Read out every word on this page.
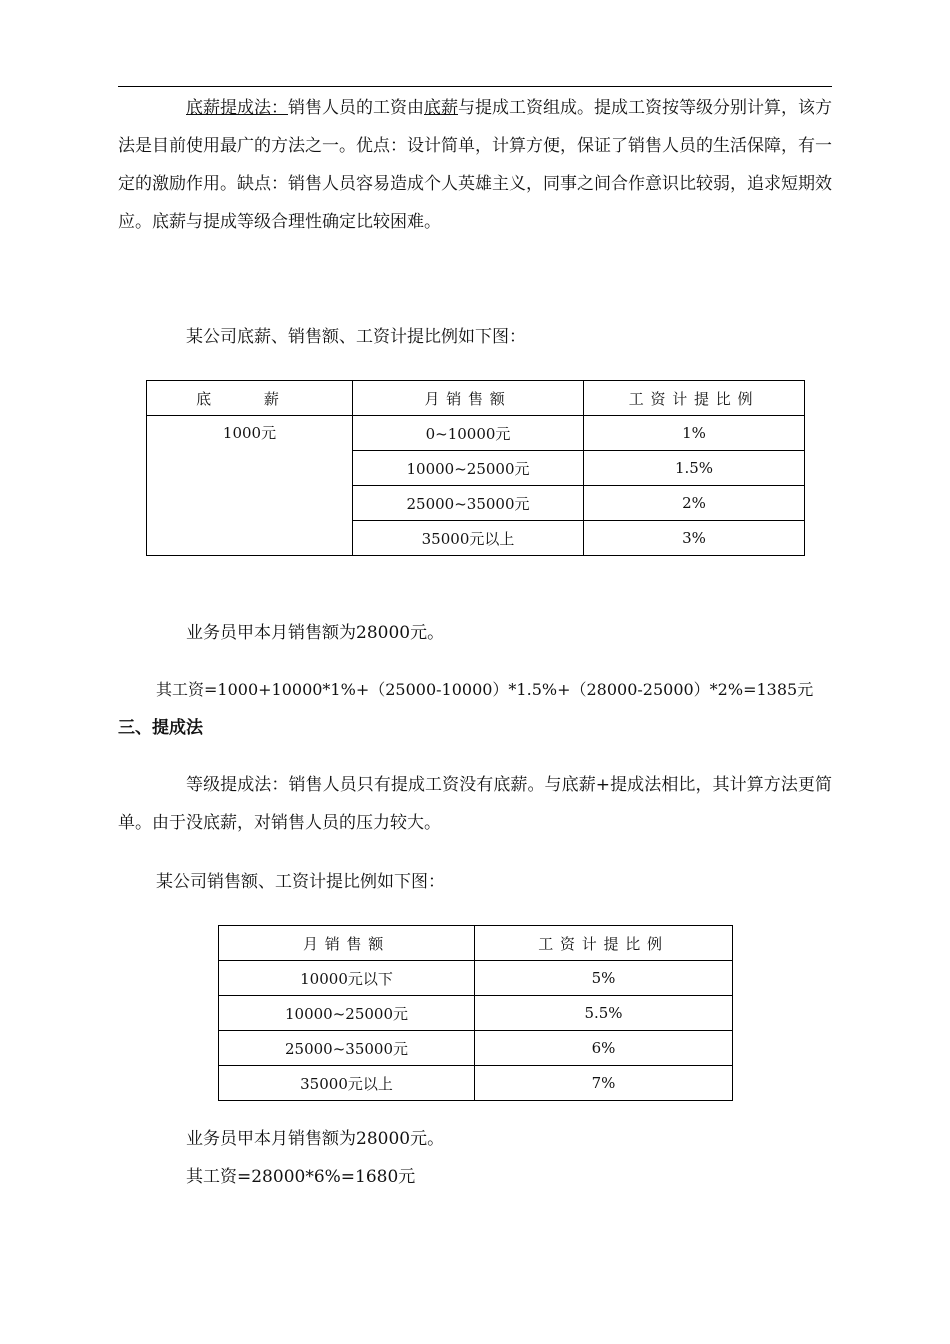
底薪提成法：销售人员的工资由底薪与提成工资组成。提成工资按等级分别计算，该方法是目前使用最广的方法之一。优点：设计简单，计算方便，保证了销售人员的生活保障，有一定的激励作用。缺点：销售人员容易造成个人英雄主义，同事之间合作意识比较弱，追求短期效应。底薪与提成等级合理性确定比较困难。
某公司底薪、销售额、工资计提比例如下图：
底 薪	月销售额	工资计提比例
1000元	0~10000元	1%
	10000~25000元	1.5%
	25000~35000元	2%
	35000元以上	3%
业务员甲本月销售额为28000元。
其工资=1000+10000*1%+（25000-10000）*1.5%+（28000-25000）*2%=1385元
三、提成法
等级提成法：销售人员只有提成工资没有底薪。与底薪+提成法相比，其计算方法更简单。由于没底薪，对销售人员的压力较大。
某公司销售额、工资计提比例如下图：
月销售额	工资计提比例
10000元以下	5%
10000~25000元	5.5%
25000~35000元	6%
35000元以上	7%
业务员甲本月销售额为28000元。
其工资=28000*6%=1680元
